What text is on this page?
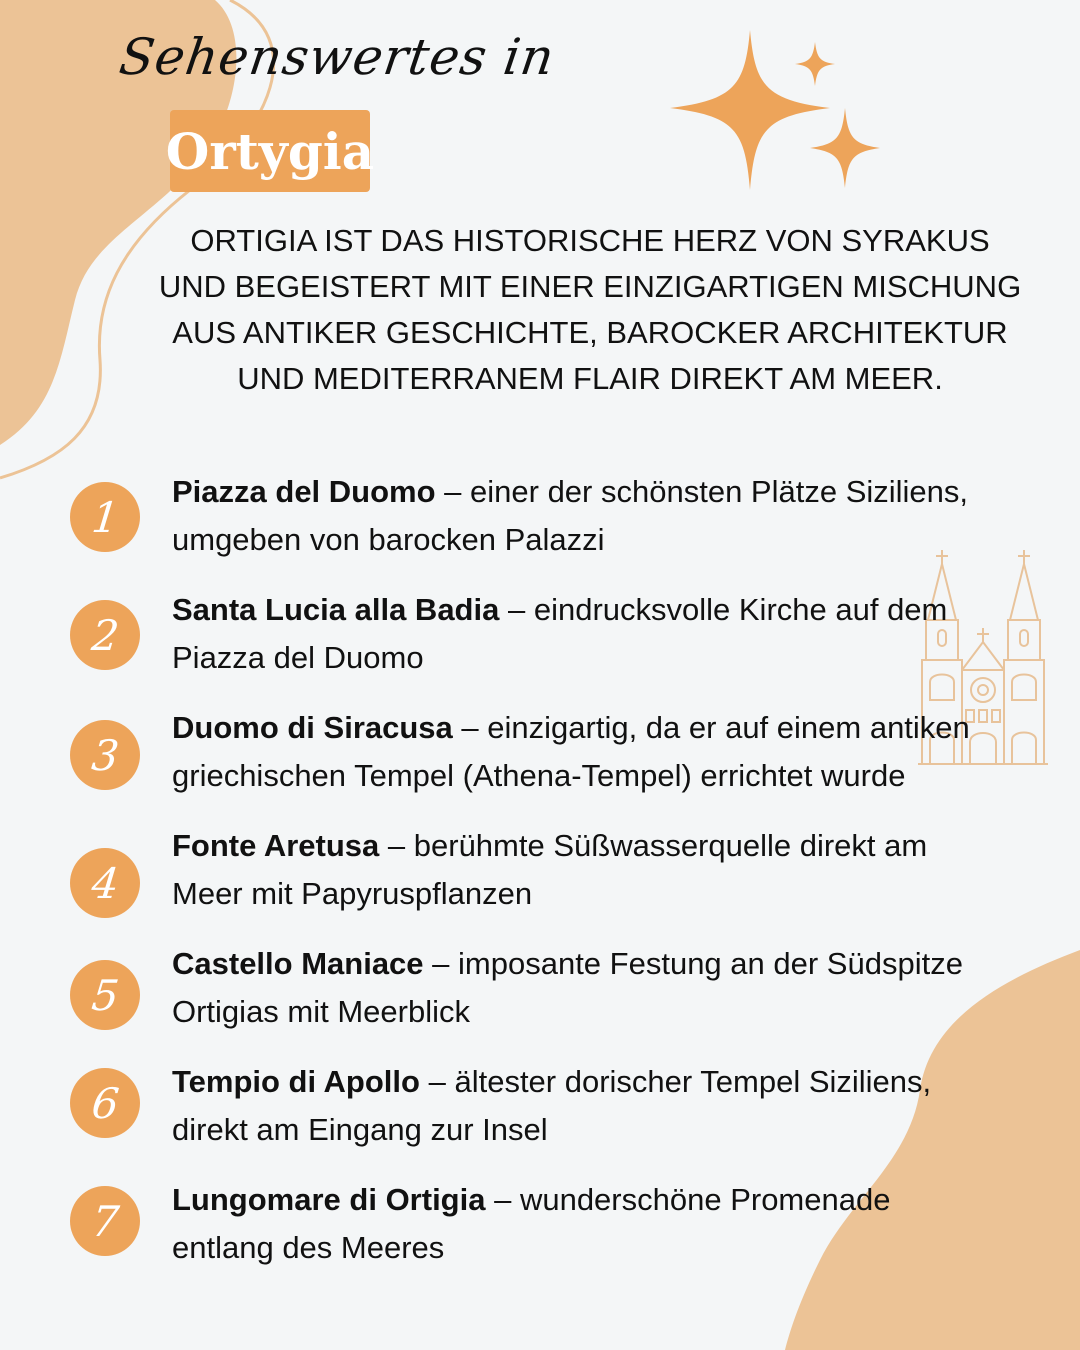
Sehenswertes in
Ortygia
ORTIGIA IST DAS HISTORISCHE HERZ VON SYRAKUS
UND BEGEISTERT MIT EINER EINZIGARTIGEN MISCHUNG
AUS ANTIKER GESCHICHTE, BAROCKER ARCHITEKTUR
UND MEDITERRANEM FLAIR DIREKT AM MEER.
1
Piazza del Duomo – einer der schönsten Plätze Siziliens, umgeben von barocken Palazzi
2
Santa Lucia alla Badia – eindrucksvolle Kirche auf dem Piazza del Duomo
3
Duomo di Siracusa – einzigartig, da er auf einem antiken griechischen Tempel (Athena-Tempel) errichtet wurde
4
Fonte Aretusa – berühmte Süßwasserquelle direkt am Meer mit Papyruspflanzen
5
Castello Maniace – imposante Festung an der Südspitze Ortigias mit Meerblick
6 Tempio di Apollo – ältester dorischer Tempel Siziliens, direkt am Eingang zur Insel
7 Lungomare di Ortigia – wunderschöne Promenade entlang des Meeres
